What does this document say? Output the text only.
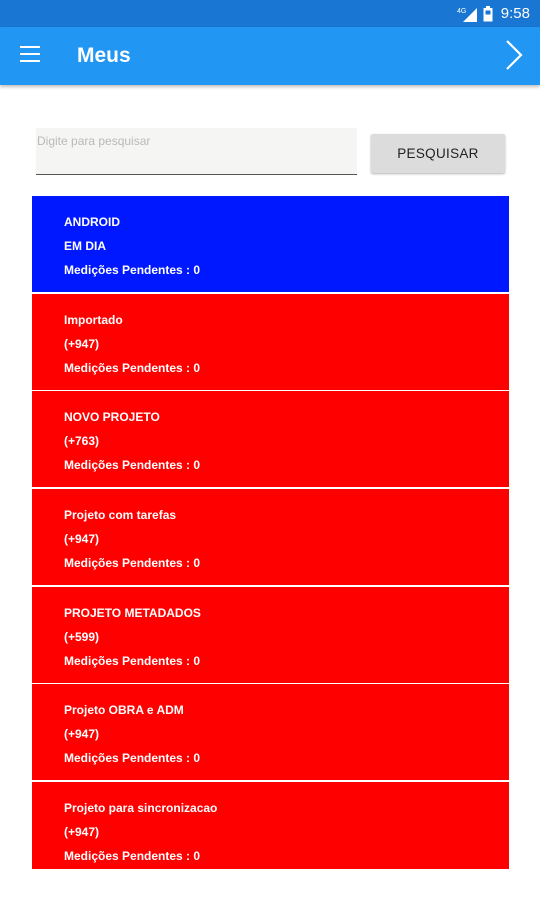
4G 9:58
Meus
Digite para pesquisar
PESQUISAR
ANDROID
EM DIA
Medições Pendentes : 0
Importado
(+947)
Medições Pendentes : 0
NOVO PROJETO
(+763)
Medições Pendentes : 0
Projeto com tarefas
(+947)
Medições Pendentes : 0
PROJETO METADADOS
(+599)
Medições Pendentes : 0
Projeto OBRA e ADM
(+947)
Medições Pendentes : 0
Projeto para sincronizacao
(+947)
Medições Pendentes : 0
